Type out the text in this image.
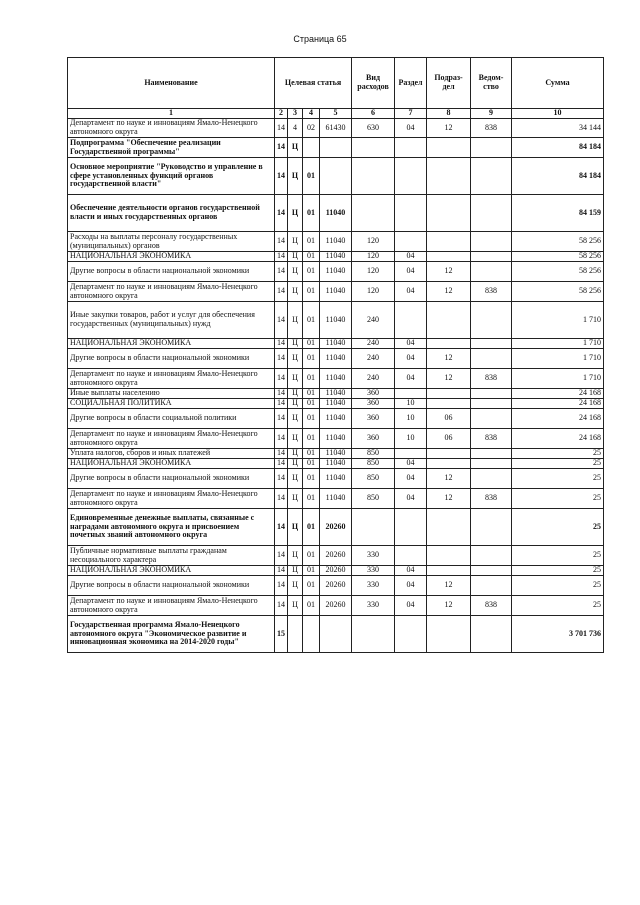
Страница 65
Наименование	Целевая статья				Вид расходов	Раздел	Подраз-дел	Ведом-ство	Сумма
1	2	3	4	5	6	7	8	9	10
Департамент по науке и инновациям Ямало-Ненецкого автономного округа	14	4	02	61430	630	04	12	838	34 144
Подпрограмма "Обеспечение реализации Государственной программы"	14	Ц							84 184
Основное мероприятие "Руководство и управление в сфере установленных функций органов государственной власти"	14	Ц	01						84 184
Обеспечение деятельности органов государственной власти и иных государственных органов	14	Ц	01	11040					84 159
Расходы на выплаты персоналу государственных (муниципальных) органов	14	Ц	01	11040	120				58 256
НАЦИОНАЛЬНАЯ ЭКОНОМИКА	14	Ц	01	11040	120	04			58 256
Другие вопросы в области национальной экономики	14	Ц	01	11040	120	04	12		58 256
Департамент по науке и инновациям Ямало-Ненецкого автономного округа	14	Ц	01	11040	120	04	12	838	58 256
Иные закупки товаров, работ и услуг для обеспечения государственных (муниципальных) нужд	14	Ц	01	11040	240				1 710
НАЦИОНАЛЬНАЯ ЭКОНОМИКА	14	Ц	01	11040	240	04			1 710
Другие вопросы в области национальной экономики	14	Ц	01	11040	240	04	12		1 710
Департамент по науке и инновациям Ямало-Ненецкого автономного округа	14	Ц	01	11040	240	04	12	838	1 710
Иные выплаты населению	14	Ц	01	11040	360				24 168
СОЦИАЛЬНАЯ ПОЛИТИКА	14	Ц	01	11040	360	10			24 168
Другие вопросы в области социальной политики	14	Ц	01	11040	360	10	06		24 168
Департамент по науке и инновациям Ямало-Ненецкого автономного округа	14	Ц	01	11040	360	10	06	838	24 168
Уплата налогов, сборов и иных платежей	14	Ц	01	11040	850				25
НАЦИОНАЛЬНАЯ ЭКОНОМИКА	14	Ц	01	11040	850	04			25
Другие вопросы в области национальной экономики	14	Ц	01	11040	850	04	12		25
Департамент по науке и инновациям Ямало-Ненецкого автономного округа	14	Ц	01	11040	850	04	12	838	25
Единовременные денежные выплаты, связанные с наградами автономного округа и присвоением почетных званий автономного округа	14	Ц	01	20260					25
Публичные нормативные выплаты гражданам несоциального характера	14	Ц	01	20260	330				25
НАЦИОНАЛЬНАЯ ЭКОНОМИКА	14	Ц	01	20260	330	04			25
Другие вопросы в области национальной экономики	14	Ц	01	20260	330	04	12		25
Департамент по науке и инновациям Ямало-Ненецкого автономного округа	14	Ц	01	20260	330	04	12	838	25
Государственная программа Ямало-Ненецкого автономного округа "Экономическое развитие и инновационная экономика на 2014-2020 годы"	15								3 701 736
